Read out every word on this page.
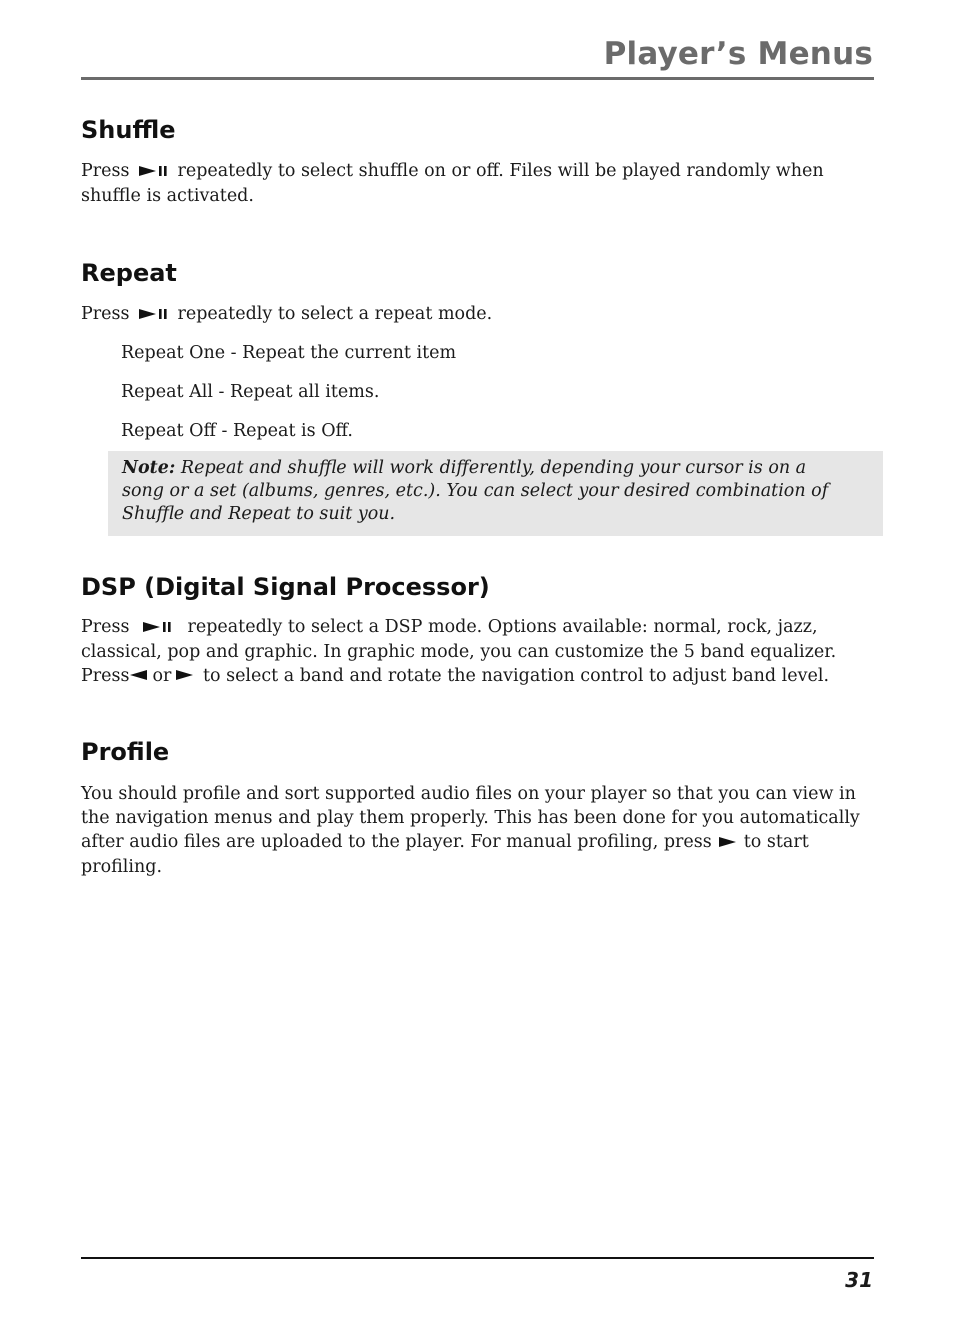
Player’s Menus
Shuffle

Press	repeatedly to select shuffle on or off. Files will be played randomly when
shuffle is activated.

Repeat

Press	repeatedly to select a repeat mode.

Repeat One - Repeat the current item

Repeat All - Repeat all items.

Repeat Off - Repeat is Off.

Note: Repeat and shuffle will work differently, depending your cursor is on a
song or a set (albums, genres, etc.). You can select your desired combination of
Shuffle and Repeat to suit you.

DSP (Digital Signal Processor)

Press	repeatedly to select a DSP mode. Options available: normal, rock, jazz,
classical, pop and graphic. In graphic mode, you can customize the 5 band equalizer.
Press or to select a band and rotate the navigation control to adjust band level.

Profile

You should profile and sort supported audio files on your player so that you can view in
the navigation menus and play them properly. This has been done for you automatically
after audio files are uploaded to the player. For manual profiling, press to start
profiling.

31
